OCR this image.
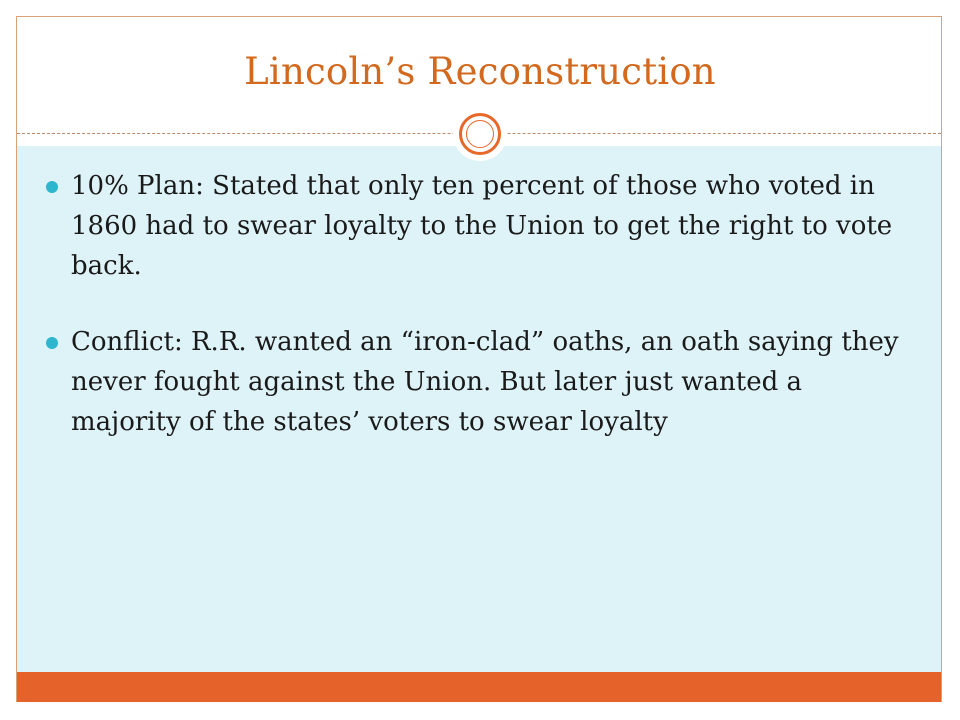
Lincoln’s Reconstruction
10% Plan: Stated that only ten percent of those who voted in 1860 had to swear loyalty to the Union to get the right to vote back.
Conflict: R.R. wanted an “iron-clad” oaths, an oath saying they never fought against the Union. But later just wanted a majority of the states’ voters to swear loyalty
